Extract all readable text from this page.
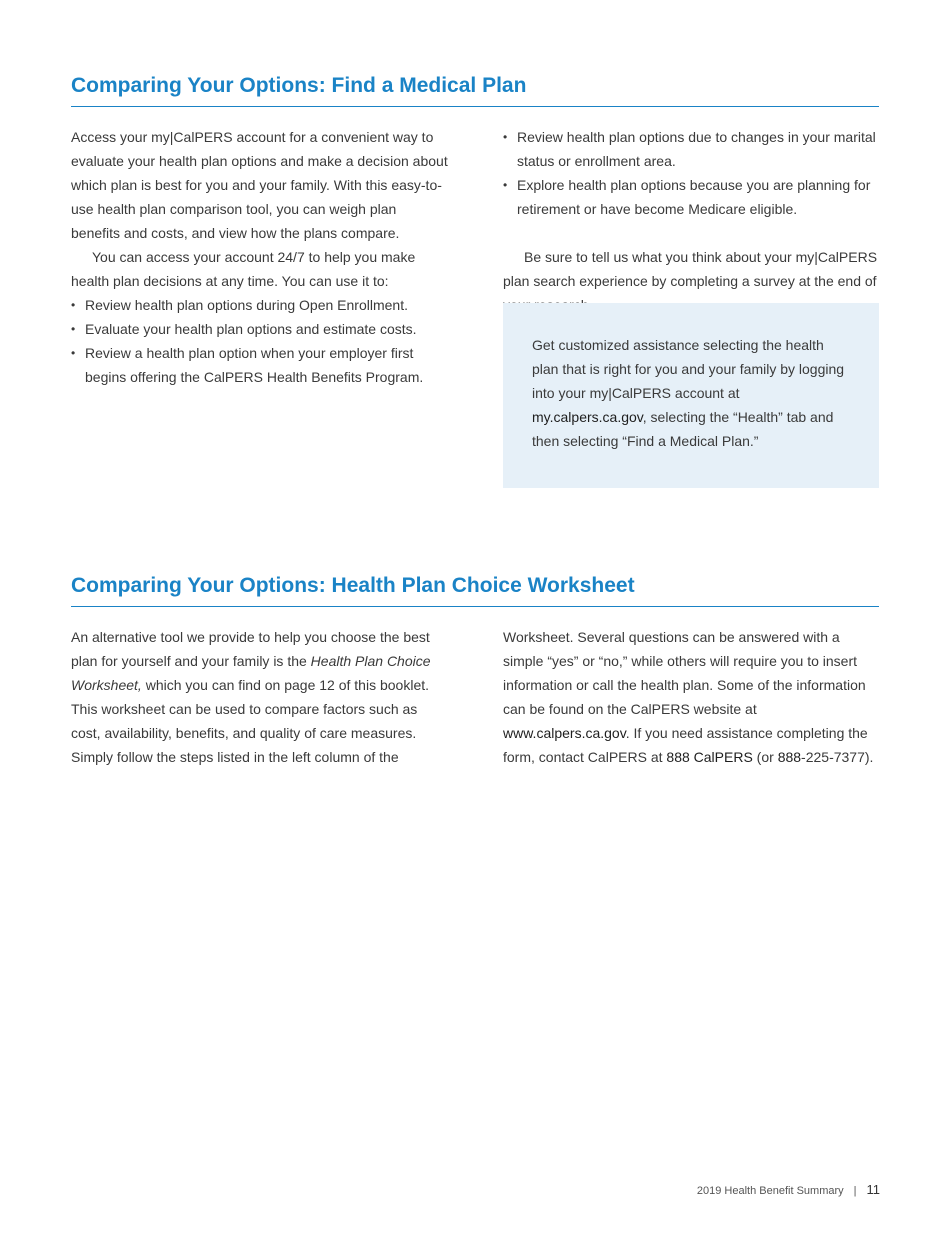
Comparing Your Options: Find a Medical Plan

Access your my|CalPERS account for a convenient way to evaluate your health plan options and make a decision about which plan is best for you and your family. With this easy-to-use health plan comparison tool, you can weigh plan benefits and costs, and view how the plans compare.

You can access your account 24/7 to help you make health plan decisions at any time. You can use it to:

• Review health plan options during Open Enrollment.
• Evaluate your health plan options and estimate costs.
• Review a health plan option when your employer first begins offering the CalPERS Health Benefits Program.
• Review health plan options due to changes in your marital status or enrollment area.
• Explore health plan options because you are planning for retirement or have become Medicare eligible.

Be sure to tell us what you think about your my|CalPERS plan search experience by completing a survey at the end of

Get customized assistance selecting the health plan that is right for you and your family by logging into your my|CalPERS account at my.calpers.ca.gov, selecting the “Health” tab and then selecting “Find a Medical Plan.”
Comparing Your Options: Health Plan Choice Worksheet

An alternative tool we provide to help you choose the best plan for yourself and your family is the Health Plan Choice Worksheet, which you can find on page 12 of this booklet. This worksheet can be used to compare factors such as cost, availability, benefits, and quality of care measures. Simply follow the steps listed in the left column of the

Worksheet. Several questions can be answered with a simple “yes” or “no,” while others will require you to insert information or call the health plan. Some of the information can be found on the CalPERS website at www.calpers.ca.gov. If you need assistance completing the form, contact CalPERS at 888 CalPERS (or 888-225-7377).

2019 Health Benefit Summary | 11
